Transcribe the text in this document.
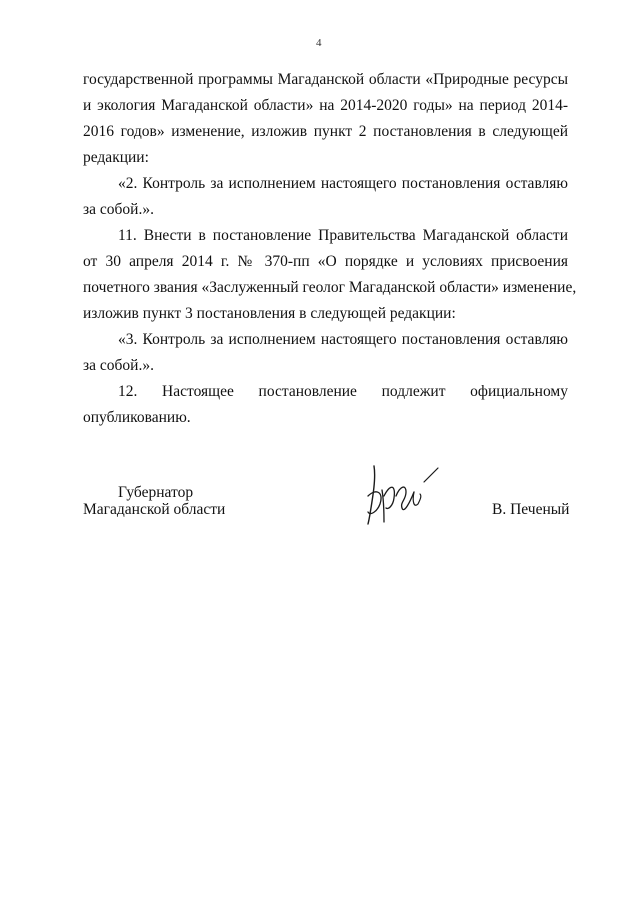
4
государственной программы Магаданской области «Природные ресурсы
и экология Магаданской области» на 2014-2020 годы» на период 2014-
2016 годов» изменение, изложив пункт 2 постановления в следующей
редакции:
«2. Контроль за исполнением настоящего постановления оставляю
за собой.».
11. Внести в постановление Правительства Магаданской области
от 30 апреля 2014 г. № 370-пп «О порядке и условиях присвоения
почетного звания «Заслуженный геолог Магаданской области» изменение,
изложив пункт 3 постановления в следующей редакции:
«3. Контроль за исполнением настоящего постановления оставляю
за собой.».
12. Настоящее постановление подлежит официальному
опубликованию.
Губернатор
Магаданской области	В. Печеный
